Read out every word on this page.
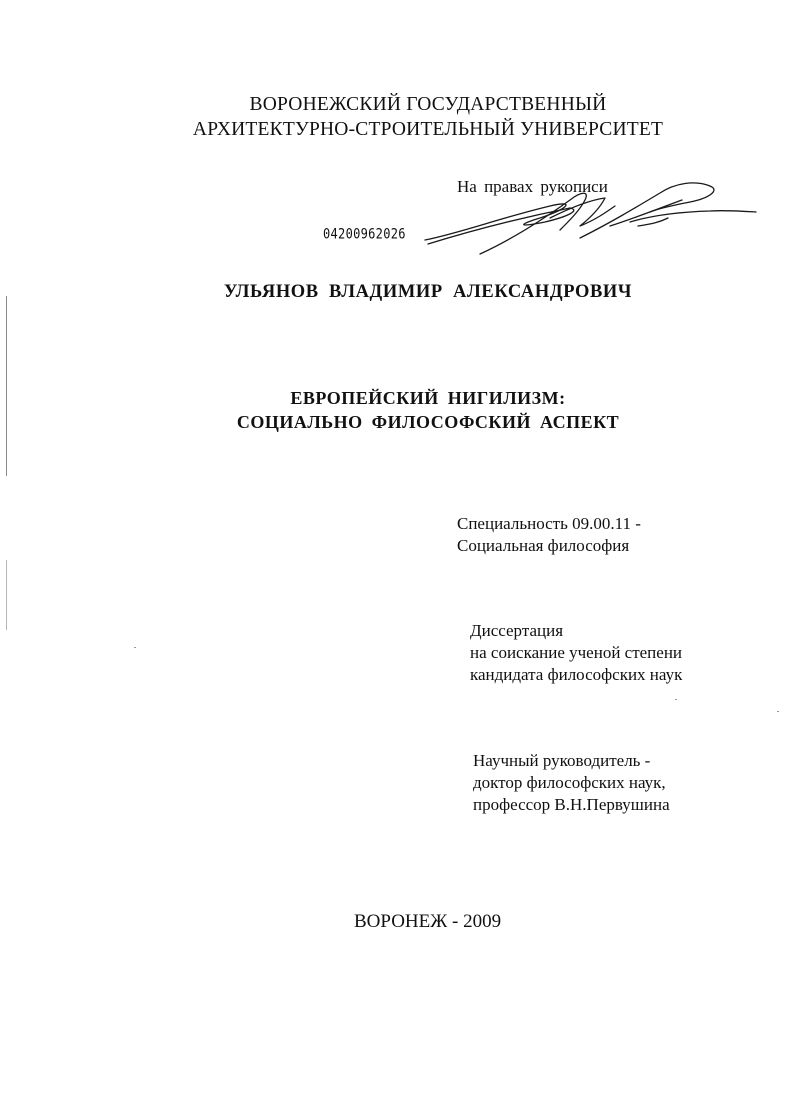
ВОРОНЕЖСКИЙ ГОСУДАРСТВЕННЫЙ
АРХИТЕКТУРНО-СТРОИТЕЛЬНЫЙ УНИВЕРСИТЕТ
На правах рукописи
04200962026
УЛЬЯНОВ ВЛАДИМИР АЛЕКСАНДРОВИЧ
ЕВРОПЕЙСКИЙ НИГИЛИЗМ:
СОЦИАЛЬНО ФИЛОСОФСКИЙ АСПЕКТ
Специальность 09.00.11 -
Социальная философия
Диссертация
на соискание ученой степени
кандидата философских наук
Научный руководитель -
доктор философских наук,
профессор В.Н.Первушина
ВОРОНЕЖ - 2009
